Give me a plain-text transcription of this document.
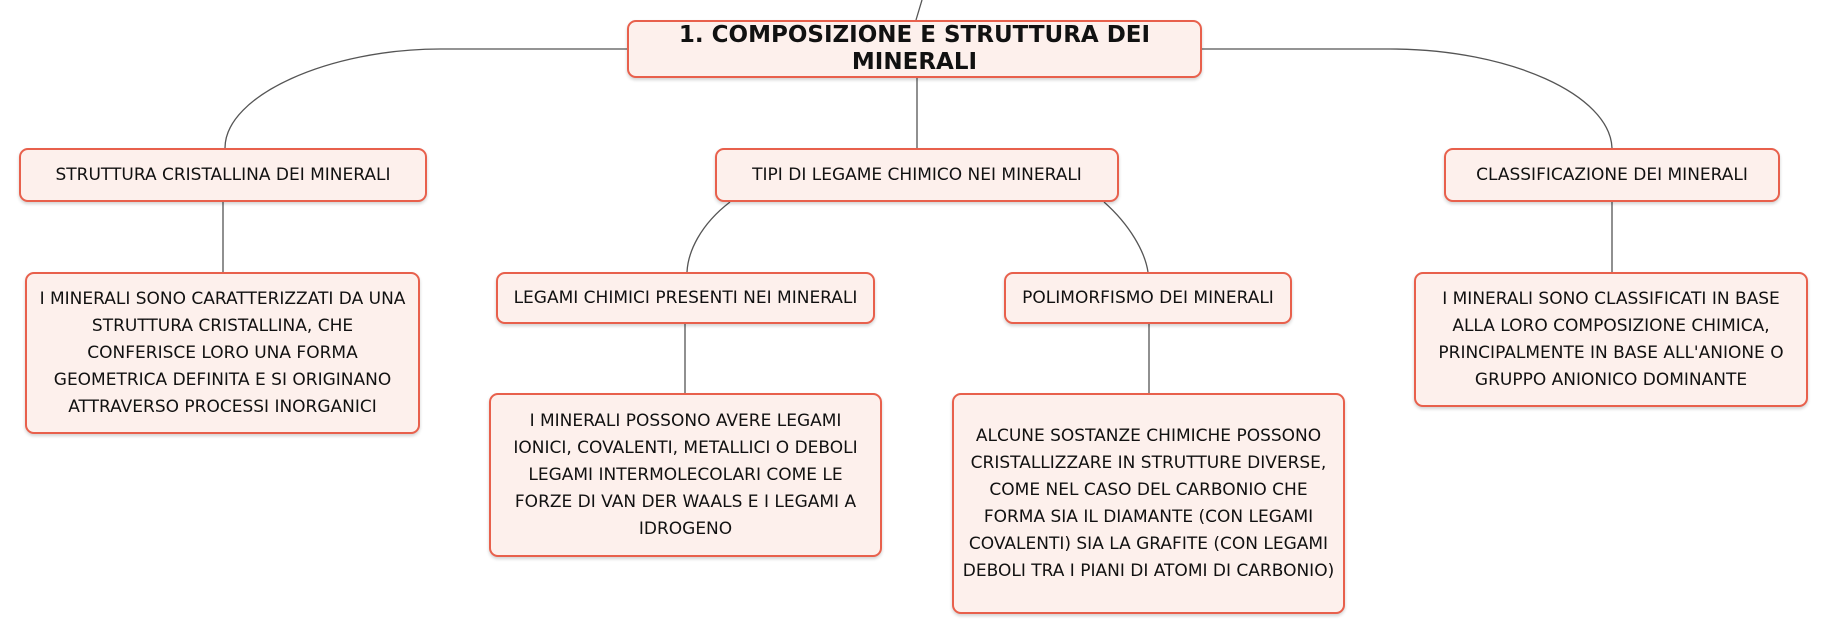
1. COMPOSIZIONE E STRUTTURA DEI MINERALI
STRUTTURA CRISTALLINA DEI MINERALI	TIPI DI LEGAME CHIMICO NEI MINERALI	CLASSIFICAZIONE DEI MINERALI
I MINERALI SONO CARATTERIZZATI DA UNA STRUTTURA CRISTALLINA, CHE CONFERISCE LORO UNA FORMA GEOMETRICA DEFINITA E SI ORIGINANO ATTRAVERSO PROCESSI INORGANICI
LEGAMI CHIMICI PRESENTI NEI MINERALI	POLIMORFISMO DEI MINERALI	I MINERALI SONO CLASSIFICATI IN BASE ALLA LORO COMPOSIZIONE CHIMICA, PRINCIPALMENTE IN BASE ALL'ANIONE O GRUPPO ANIONICO DOMINANTE
I MINERALI POSSONO AVERE LEGAMI IONICI, COVALENTI, METALLICI O DEBOLI LEGAMI INTERMOLECOLARI COME LE FORZE DI VAN DER WAALS E I LEGAMI A IDROGENO
ALCUNE SOSTANZE CHIMICHE POSSONO CRISTALLIZZARE IN STRUTTURE DIVERSE, COME NEL CASO DEL CARBONIO CHE FORMA SIA IL DIAMANTE (CON LEGAMI COVALENTI) SIA LA GRAFITE (CON LEGAMI DEBOLI TRA I PIANI DI ATOMI DI CARBONIO)
